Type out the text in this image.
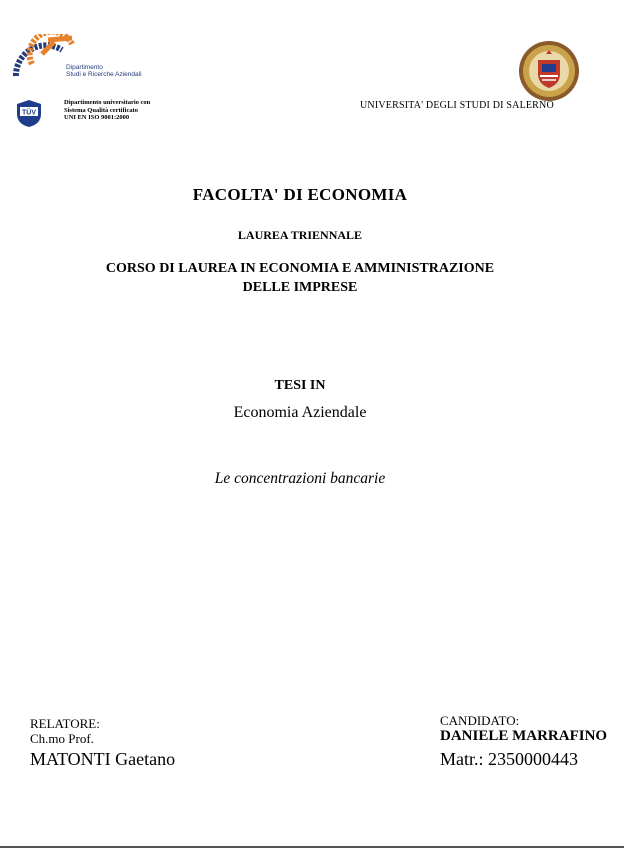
Dipartimento
Studi e Ricerche Aziendali
TÜV
Dipartimento universitario con
Sistema Qualità certificato
UNI EN ISO 9001:2000
UNIVERSITA' DEGLI STUDI DI SALERNO
FACOLTA' DI ECONOMIA
LAUREA TRIENNALE
CORSO DI LAUREA IN ECONOMIA E AMMINISTRAZIONE
DELLE IMPRESE
TESI IN
Economia Aziendale
Le concentrazioni bancarie
RELATORE:
Ch.mo Prof.
MATONTI Gaetano
CANDIDATO:
DANIELE MARRAFINO
Matr.: 2350000443
